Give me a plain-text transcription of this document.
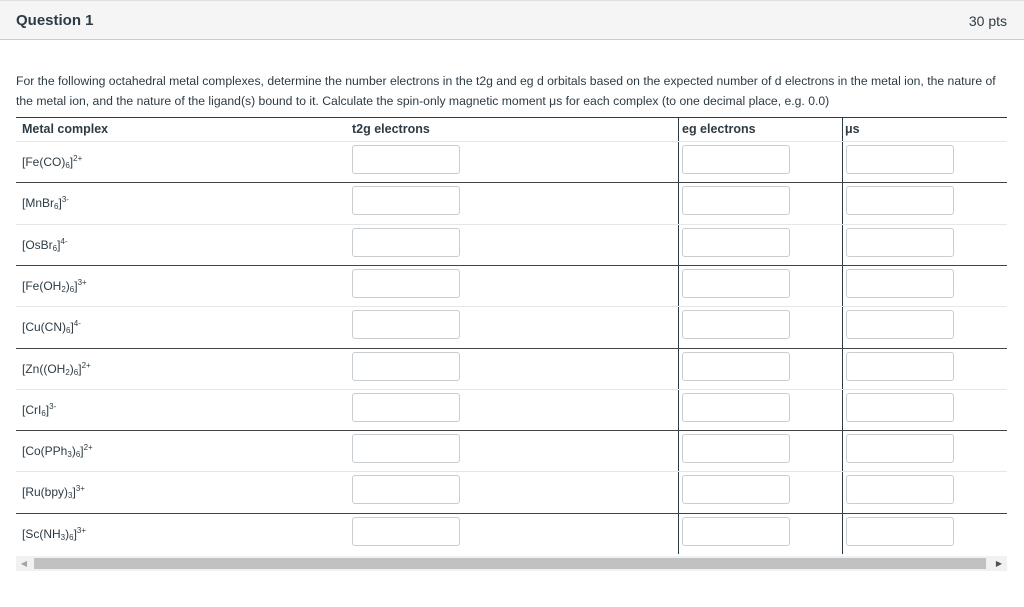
Question 1	30 pts
For the following octahedral metal complexes, determine the number electrons in the t2g and eg d orbitals based on the expected number of d electrons in the metal ion, the nature of the metal ion, and the nature of the ligand(s) bound to it. Calculate the spin-only magnetic moment μs for each complex (to one decimal place, e.g. 0.0)
Metal complex	t2g electrons	eg electrons	μs
$[Fe(CO)_6]^{2+}$
[MnBr$_6$]$^{3-}$
[OsBr$_6$]$^{4-}$
$[Fe(OH_2)_6]^{3+}$
$[Cu(CN)_6]^{4-}$
[$Zn((OH_2)_6]^{2+}$
$[CrI_6]^{3-}$
$[Co(PPh_3)_6]^{2+}$
$[Ru(bpy)_3]^{3+}$
$[Sc(NH_3)_6]^{3+}$
◀	▶
